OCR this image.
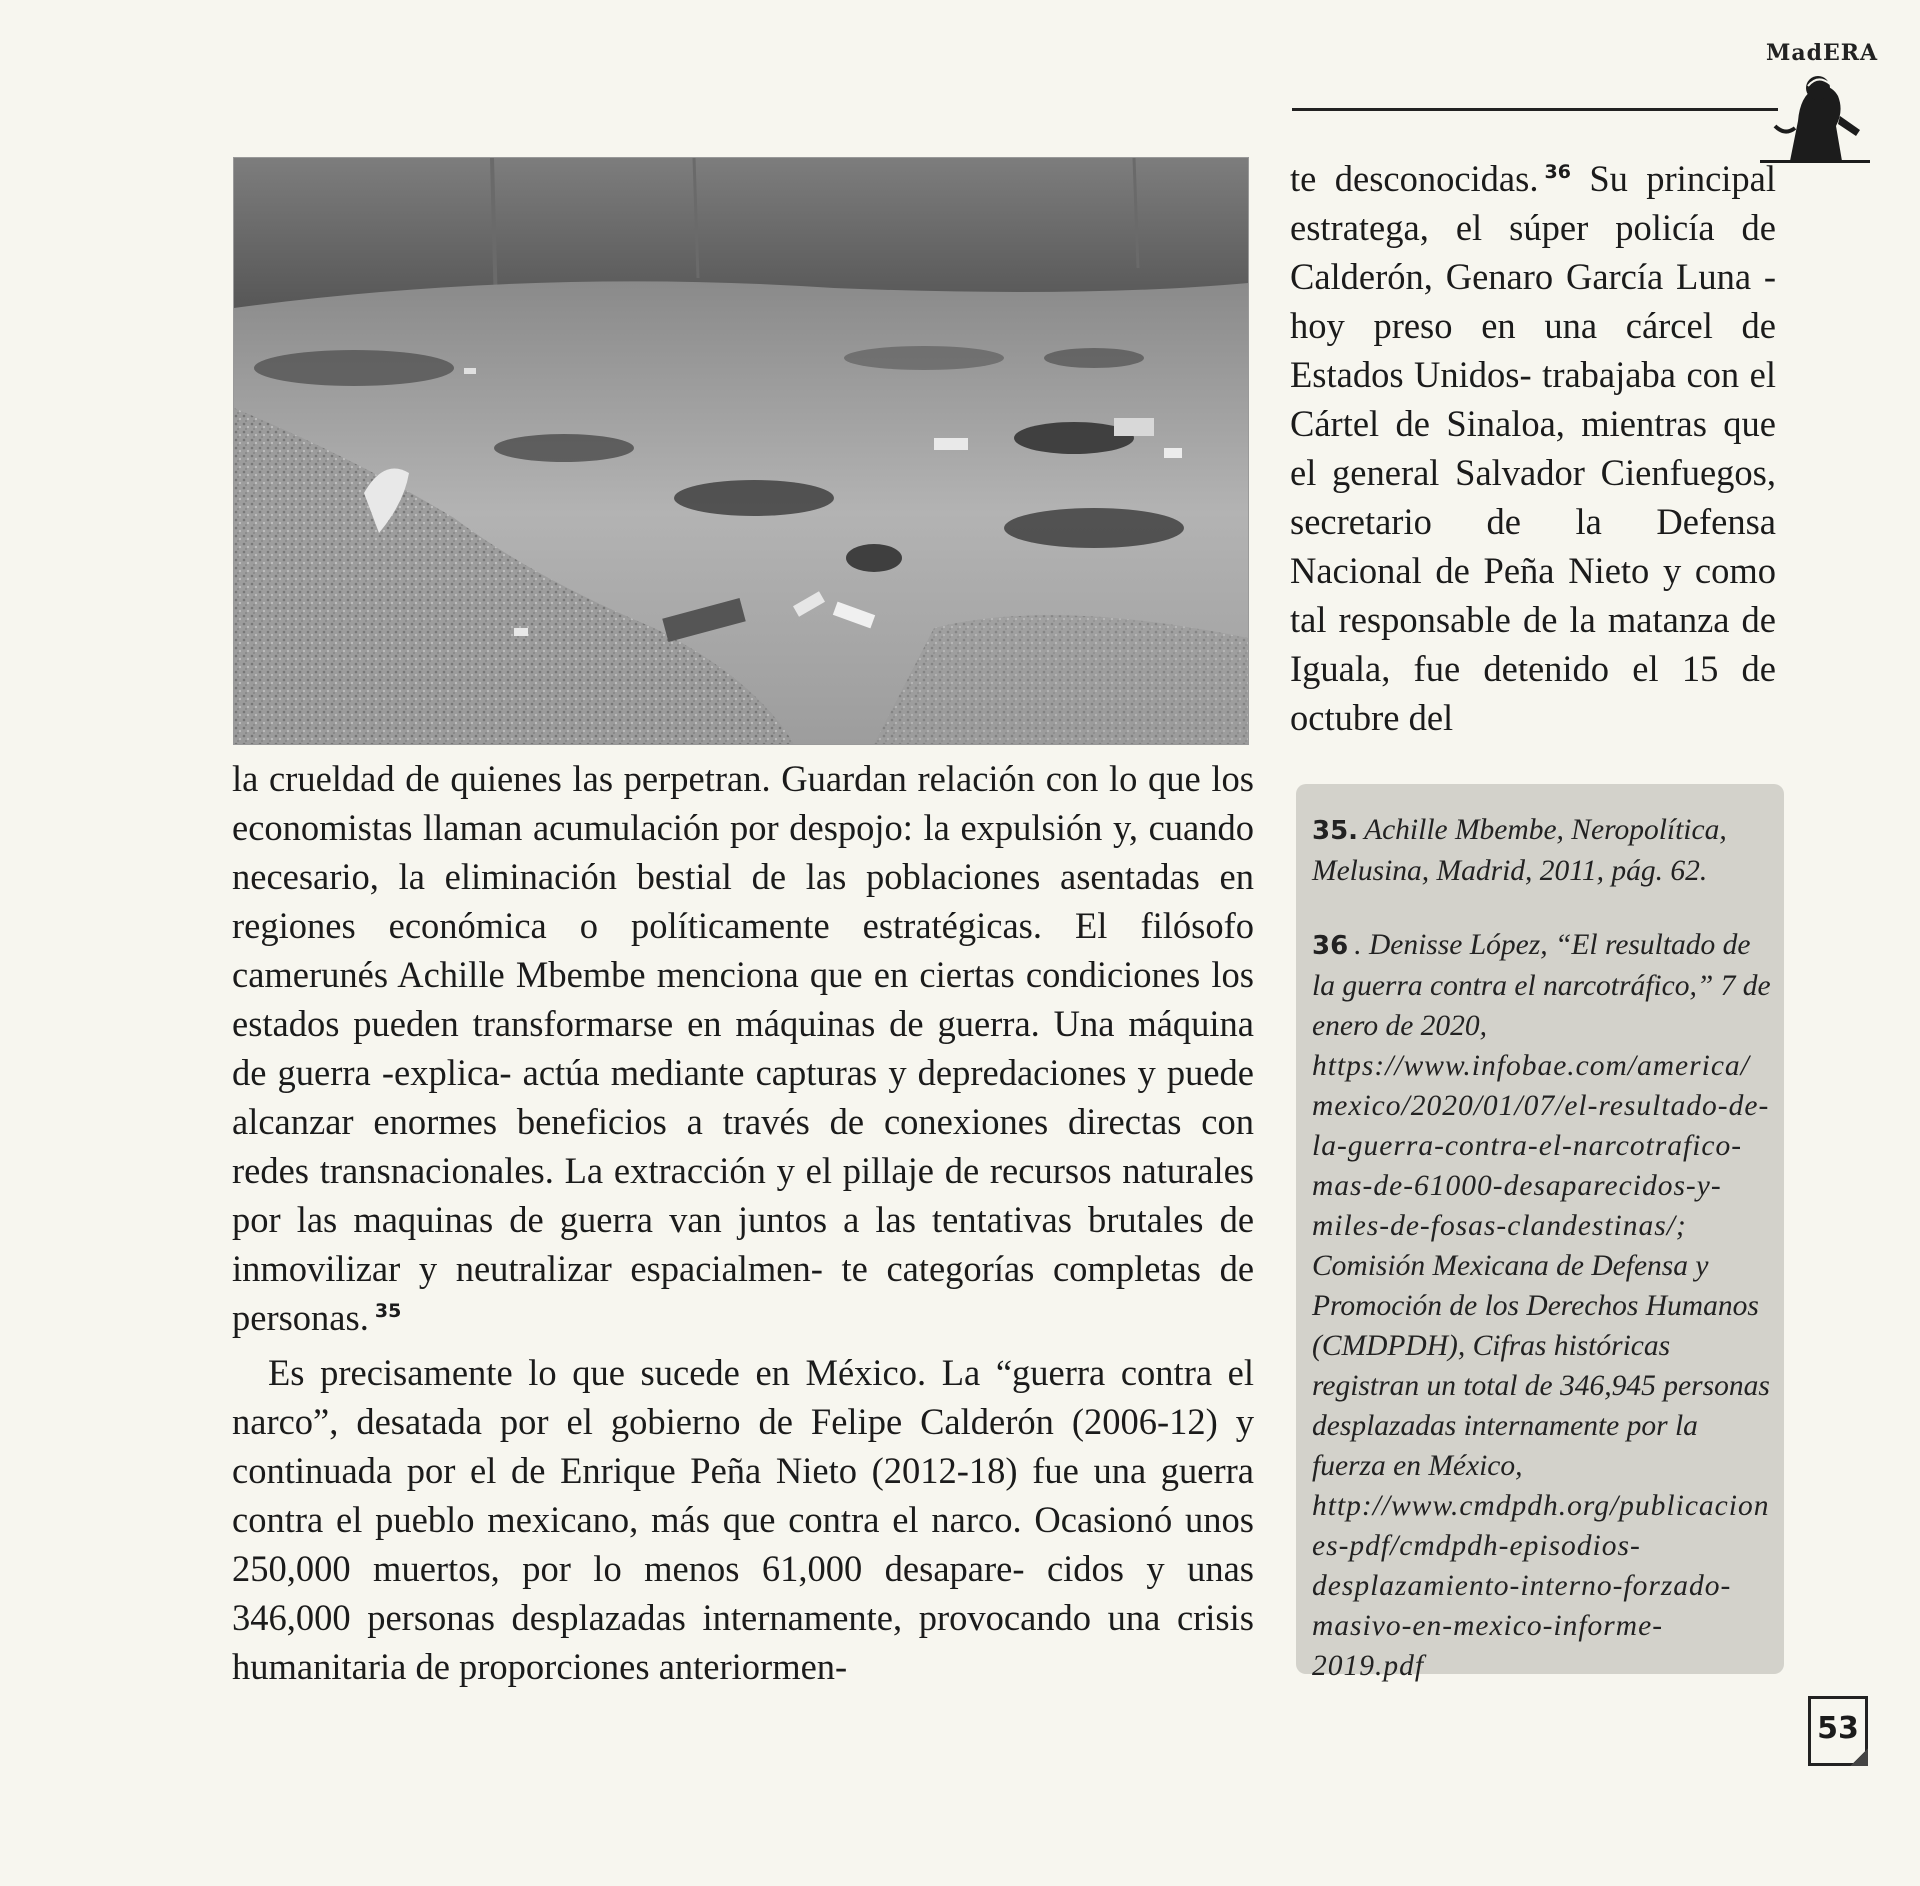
MadERA

la crueldad de quienes las perpetran. Guardan relación con lo que los economistas llaman acumulación por despojo: la expulsión y, cuando necesario, la eliminación bestial de las poblaciones asentadas en regiones económica o políticamente estratégicas. El filósofo camerunés Achille Mbembe menciona que en ciertas condiciones los estados pueden transformarse en máquinas de guerra. Una máquina de guerra -explica- actúa mediante capturas y depredaciones y puede alcanzar enormes beneficios a través de conexiones directas con redes transnacionales. La extracción y el pillaje de recursos naturales por las maquinas de guerra van juntos a las tentativas brutales de inmovilizar y neutralizar espacialmen- te categorías completas de personas. $^{35}$

Es precisamente lo que sucede en México. La “guerra contra el narco”, desatada por el gobierno de Felipe Calderón (2006-12) y continuada por el de Enrique Peña Nieto (2012-18) fue una guerra contra el pueblo mexicano, más que contra el narco. Ocasionó unos 250,000 muertos, por lo menos 61,000 desapare- cidos y unas 346,000 personas desplazadas internamente, provocando una crisis humanitaria de proporciones anteriormen-

te desconocidas. $^{36}$ Su principal estratega, el súper policía de Calderón, Genaro García Luna -hoy preso en una cárcel de Estados Unidos- trabajaba con el Cártel de Sinaloa, mientras que el general Salvador Cienfuegos, secretario de la Defensa Nacional de Peña Nieto y como tal responsable de la matanza de Iguala, fue detenido el 15 de octubre del

35. Achille Mbembe, Neropolítica, Melusina, Madrid, 2011, pág. 62.

36 . Denisse López, “El resultado de la guerra contra el narcotráfico,” 7 de enero de 2020, https://www.infobae.com/america/mexico/2020/01/07/el-resultado-de-la-guerra-contra-el-narcotrafico-mas-de-61000-desaparecidos-y-miles-de-fosas-clandestinas/; Comisión Mexicana de Defensa y Promoción de los Derechos Humanos (CMDPDH), Cifras históricas registran un total de 346,945 personas desplazadas internamente por la fuerza en México, http://www.cmdpdh.org/publicaciones-pdf/cmdpdh-episodios-desplazamiento-interno-forzado-masivo-en-mexico-informe-2019.pdf

53
